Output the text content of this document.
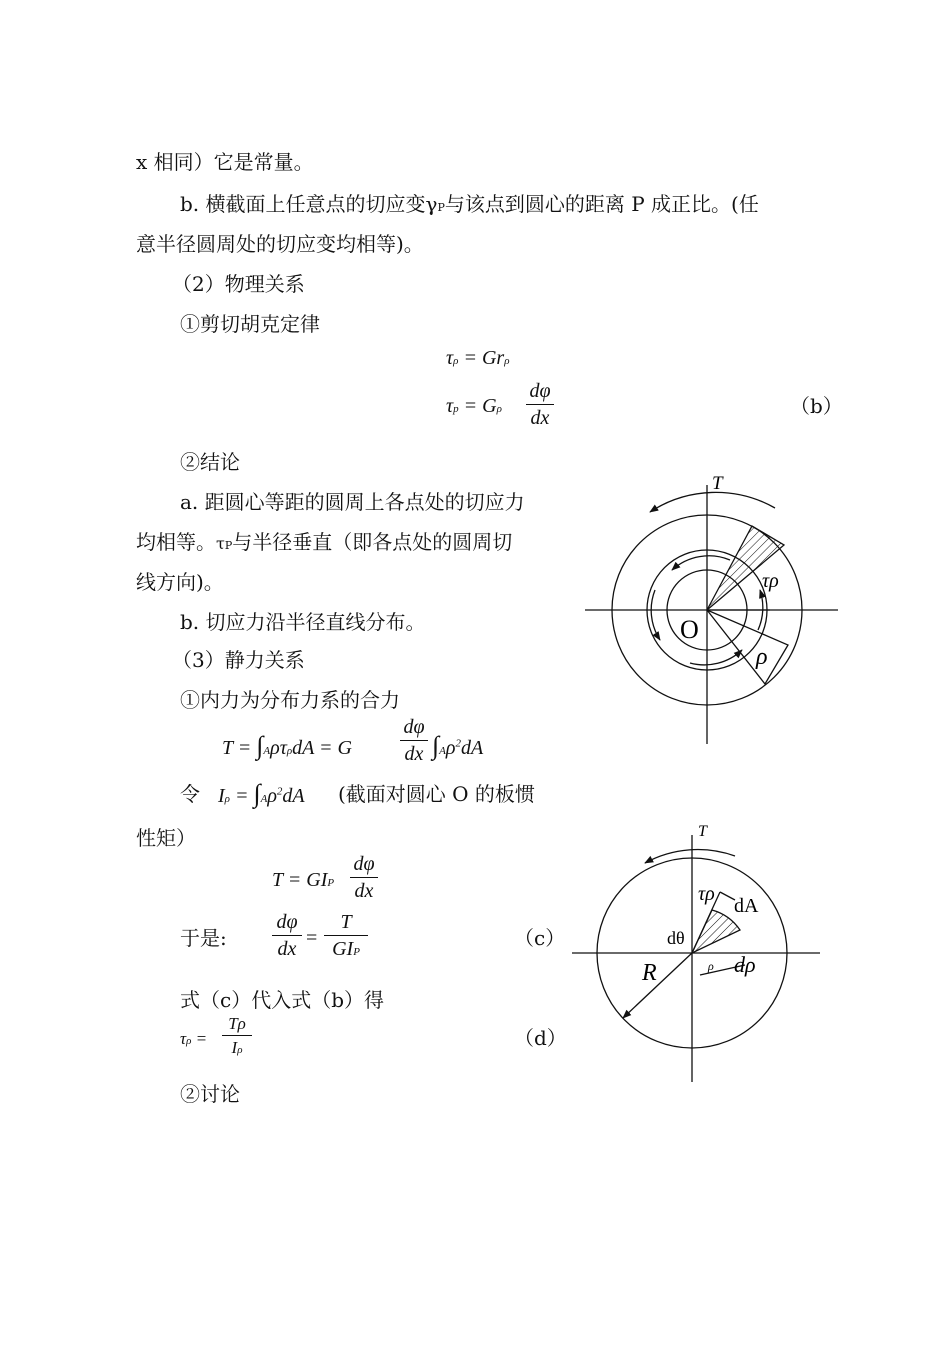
x 相同）它是常量。
b. 横截面上任意点的切应变γP与该点到圆心的距离 P 成正比。(任
意半径圆周处的切应变均相等)。
（2）物理关系
①剪切胡克定律
τρ = Grρ
τp = Gρ
dφ
dx	（b）
②结论
a. 距圆心等距的圆周上各点处的切应力
均相等。τP与半径垂直（即各点处的圆周切
线方向)。
b. 切应力沿半径直线分布。
（3）静力关系
①内力为分布力系的合力
T = ∫AρτρdA = G
dφ
dx $\int A\rho^2dA$
令 $I\rho = \int A\rho^2dA$ (截面对圆心 O 的板惯
性矩）
T = GIP
dφ
dx
于是:
dφ
dx =
T
GIP
（c）
式（c）代入式（b）得
τρ =
Tρ
Iρ	（d）
②讨论
T
O
τρ
ρ
T
τρ
dA
dθ
ρ dρ
R
